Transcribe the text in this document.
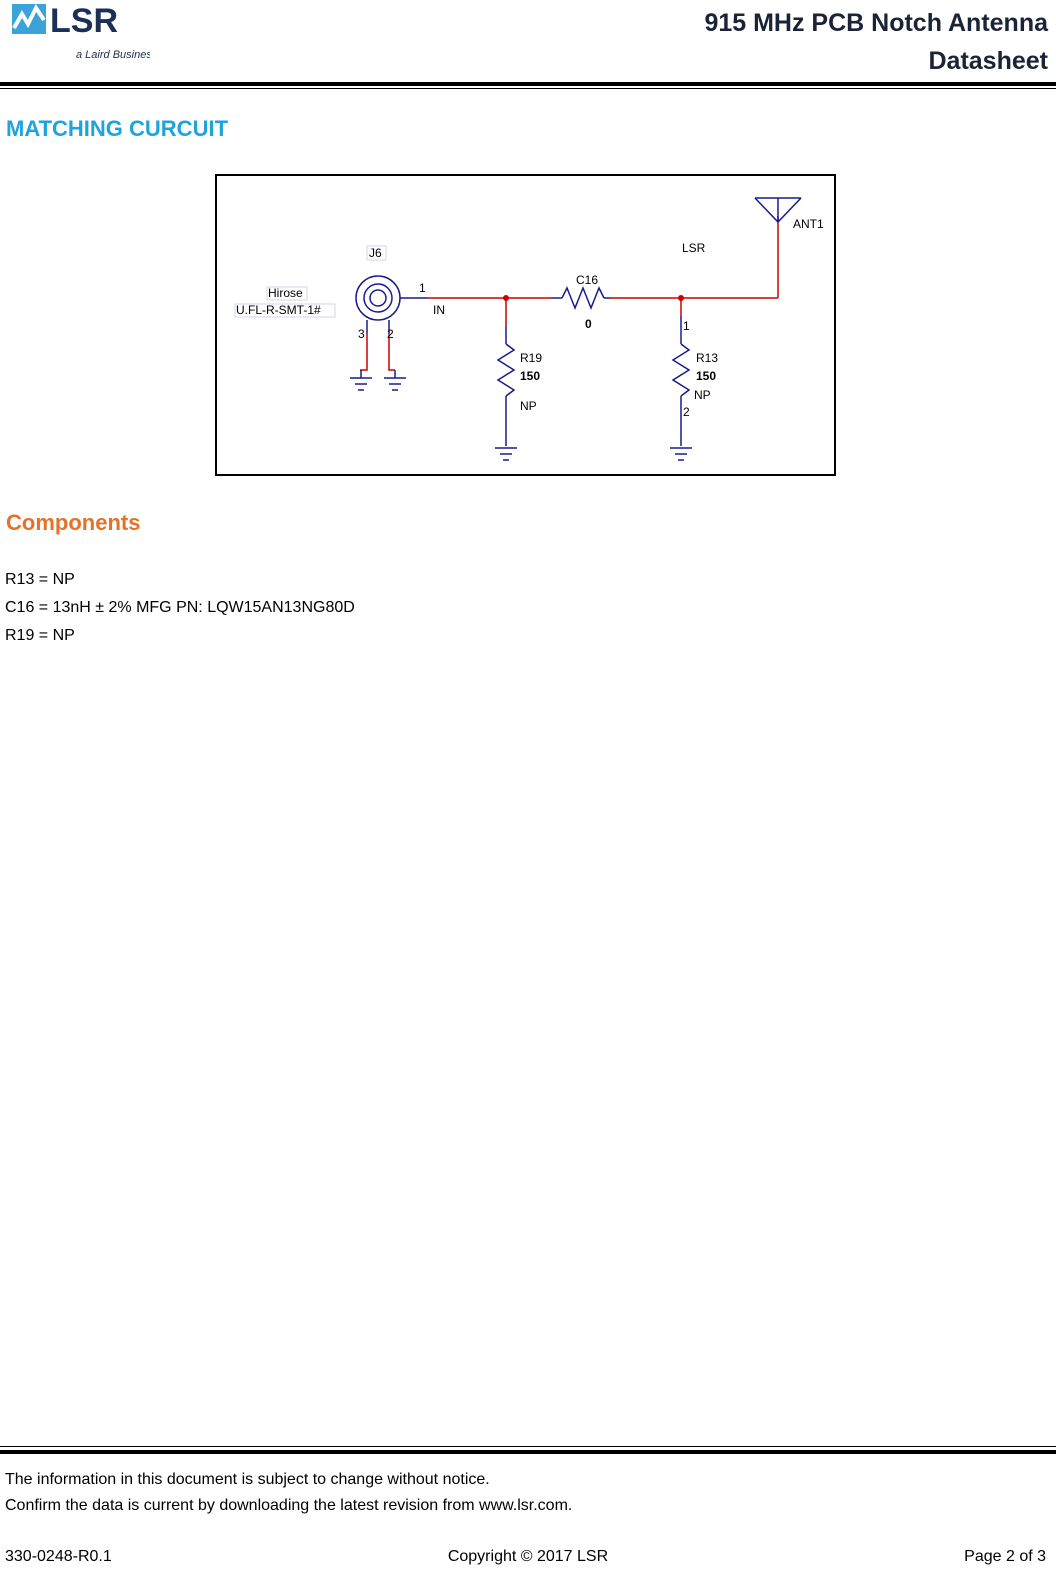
LSR
a Laird Business
915 MHz PCB Notch Antenna
Datasheet
MATCHING CURCUIT
J6
Hirose
U.FL-R-SMT-1#
1
IN
3 2
C16
0
LSR
ANT1
R19
150
NP
1
R13
150
NP
2
Components
R13 = NP
C16 = 13nH ± 2% MFG PN: LQW15AN13NG80D
R19 = NP
The information in this document is subject to change without notice.
Confirm the data is current by downloading the latest revision from www.lsr.com.
330-0248-R0.1	Copyright © 2017 LSR	Page 2 of 3
